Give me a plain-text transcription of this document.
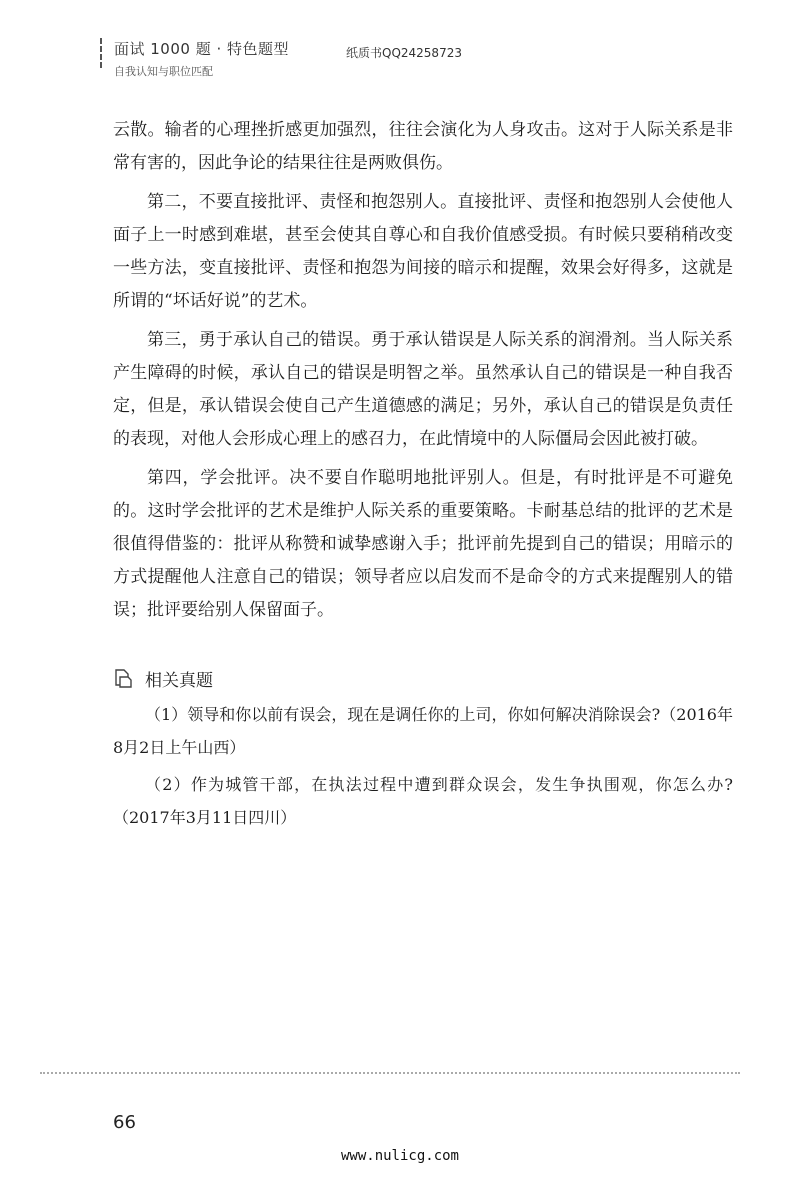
面试 1000 题 · 特色题型
自我认知与职位匹配
纸质书QQ24258723

云散。输者的心理挫折感更加强烈，往往会演化为人身攻击。这对于人际关系是非常有害的，因此争论的结果往往是两败俱伤。

第二，不要直接批评、责怪和抱怨别人。直接批评、责怪和抱怨别人会使他人面子上一时感到难堪，甚至会使其自尊心和自我价值感受损。有时候只要稍稍改变一些方法，变直接批评、责怪和抱怨为间接的暗示和提醒，效果会好得多，这就是所谓的“坏话好说”的艺术。

第三，勇于承认自己的错误。勇于承认错误是人际关系的润滑剂。当人际关系产生障碍的时候，承认自己的错误是明智之举。虽然承认自己的错误是一种自我否定，但是，承认错误会使自己产生道德感的满足；另外，承认自己的错误是负责任的表现，对他人会形成心理上的感召力，在此情境中的人际僵局会因此被打破。

第四，学会批评。决不要自作聪明地批评别人。但是，有时批评是不可避免的。这时学会批评的艺术是维护人际关系的重要策略。卡耐基总结的批评的艺术是很值得借鉴的：批评从称赞和诚挚感谢入手；批评前先提到自己的错误；用暗示的方式提醒他人注意自己的错误；领导者应以启发而不是命令的方式来提醒别人的错误；批评要给别人保留面子。

相关真题

（1）领导和你以前有误会，现在是调任你的上司，你如何解决消除误会?（2016年8月2日上午山西）

（2）作为城管干部，在执法过程中遭到群众误会，发生争执围观，你怎么办?（2017年3月11日四川）

66
www.nulicg.com
